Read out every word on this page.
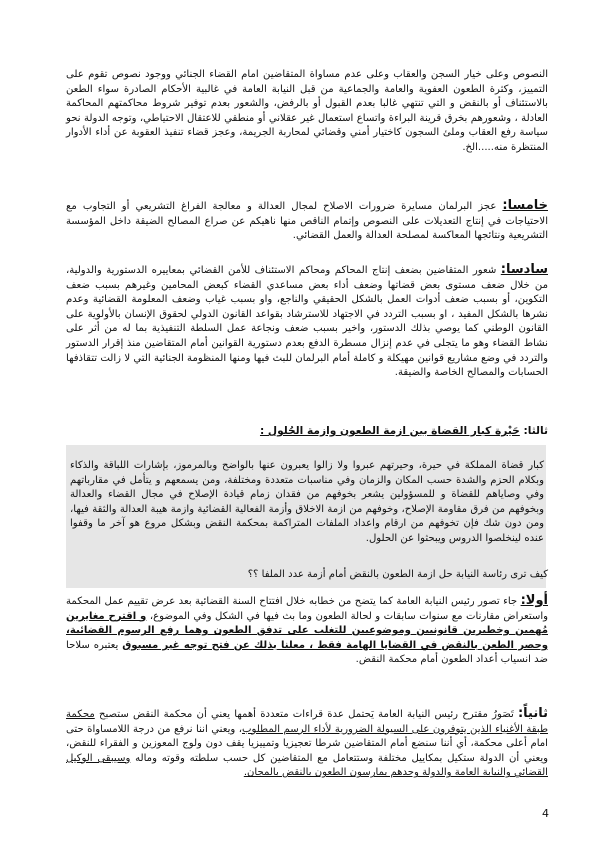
النصوص وعلى خيار السجن والعقاب وعلى عدم مساواة المتقاضين امام القضاء الجنائي ووجود نصوص تقوم على التمييز، وكثرة الطعون العفوية والعامة والجماعية من قبل النيابة العامة في غالبية الأحكام الصادرة سواء الطعن بالاستئناف أو بالنقض و التي تنتهي غالبا بعدم القبول أو بالرفض، والشعور بعدم توفير شروط محاكمتهم المحاكمة العادلة ، وشعورهم بخرق قرينة البراءة واتساع استعمال غير عقلاني أو منطقي للاعتقال الاحتياطي، وتوجه الدولة نحو سياسة رفع العقاب وملئ السجون كاختيار أمني وقضائي لمحاربة الجريمة، وعجز قضاء تنفيذ العقوبة عن أداء الأدوار المنتظرة منه.....الخ.
خامسا: عجز البرلمان مسايرة ضرورات الاصلاح لمجال العدالة و معالجة الفراغ التشريعي أو التجاوب مع الاحتياجات في إنتاج التعديلات على النصوص وإتمام الناقص منها ناهيكم عن صراع المصالح الضيقة داخل المؤسسة التشريعية ونتائجها المعاكسة لمصلحة العدالة والعمل القضائي.
سادسا: شعور المتقاضين بضعف إنتاج المحاكم ومحاكم الاستئناف للأمن القضائي بمعاييره الدستورية والدولية، من خلال ضعف مستوى بعض قضاتها وضعف أداء بعض مساعدي القضاء كبعض المحامين وغيرهم بسبب ضعف التكوين، أو بسبب ضعف أدوات العمل بالشكل الحقيقي والناجع، واو بسبب غياب وضعف المعلومة القضائية وعدم نشرها بالشكل المفيد ، او بسبب التردد في الاجتهاد للاسترشاد بقواعد القانون الدولي لحقوق الإنسان بالأولوية على القانون الوطني كما يوصي بذلك الدستور، واخير بسبب ضعف ونجاعة عمل السلطة التنفيذية بما له من أثر على نشاط القضاء وهو ما يتجلى في عدم إنزال مسطرة الدفع بعدم دستورية القوانين أمام المتقاضين منذ إقرار الدستور والتردد في وضع مشاريع قوانين مهيكلة و كاملة أمام البرلمان للبث فيها ومنها المنظومة الجنائية التي لا زالت تتقاذفها الحسابات والمصالح الخاصة والضيقة.
ثالثا: حَيْرة كبار القضاة بين ازمة الطعون وازمة الحُلول :
كبار قضاة المملكة في حيرة، وحيرتهم عبروا ولا زالوا يعبرون عنها بالواضح وبالمرموز، بإشارات اللباقة والذكاء وبكلام الحزم والشدة حسب المكان والزمان وفي مناسبات متعددة ومختلفة، ومن يسمعهم و يتأمل في مقارباتهم وفي وصاياهم للقضاة و للمسؤولين يشعر بخوفهم من فقدان زمام قيادة الإصلاح في مجال القضاء والعدالة وبخوفهم من فرق مقاومة الإصلاح، وخوفهم من ازمة الاخلاق وأزمة الفعالية القضائية وازمة هيبة العدالة والثقة فيها، ومن دون شك فإن تخوفهم من ارقام واعداد الملفات المتراكمة بمحكمة النقض وبشكل مروع هو آخر ما وقفوا عنده لينخلصوا الدروس ويبحثوا عن الحلول.
كيف ترى رئاسة النيابة حل ازمة الطعون بالنقض أمام أزمة عدد الملفا ؟؟
أولا: جاء تصور رئيس النيابة العامة كما يتضح من خطابه خلال افتتاح السنة القضائية بعد عرض تقييم عمل المحكمة واستعراض مقارنات مع سنوات سابقات و لحالة الطعون وما بث فيها في الشكل وفي الموضوع، و اقترح مغايرين مُهمين وخطيرين قانونيين وموضوعيين للتغلب على تدفق الطعون وهما رفع الرسوم القضائية، وحصر الطعن بالنقض في القضايا الهامة فقط ، معلنا بذلك عن فتح توجه غير مسبوق يعتبره سلاحا ضد انسياب أعداد الطعون أمام محكمة النقض.
ثانياً: تَصَورُ مقترح رئيس النيابة العامة يَحتمل عدة قراءات متعددة أهمها يعني أن محكمة النقض ستصبح محكمة طبقة الأغنياء الذين يتوفرون على السيولة الضرورية لأداء الرسم المطلوب، ويعني اننا نرفع من درجة اللامساواة حتى امام أعلى محكمة، أي أننا سنضع أمام المتقاضين شرطا تعجيزيا وتمييزيا يقف دون ولوج المعوزين و الفقراء للنقض، ويعني أن الدولة ستكيل بمكاييل مختلفة وستتعامل مع المتقاضين كل حسب سلطته وقوته وماله وسيبقى الوكيل القضائي والنيابة العامة والدولة وحدهم يمارسون الطعون بالنقض بالمجان.
4
